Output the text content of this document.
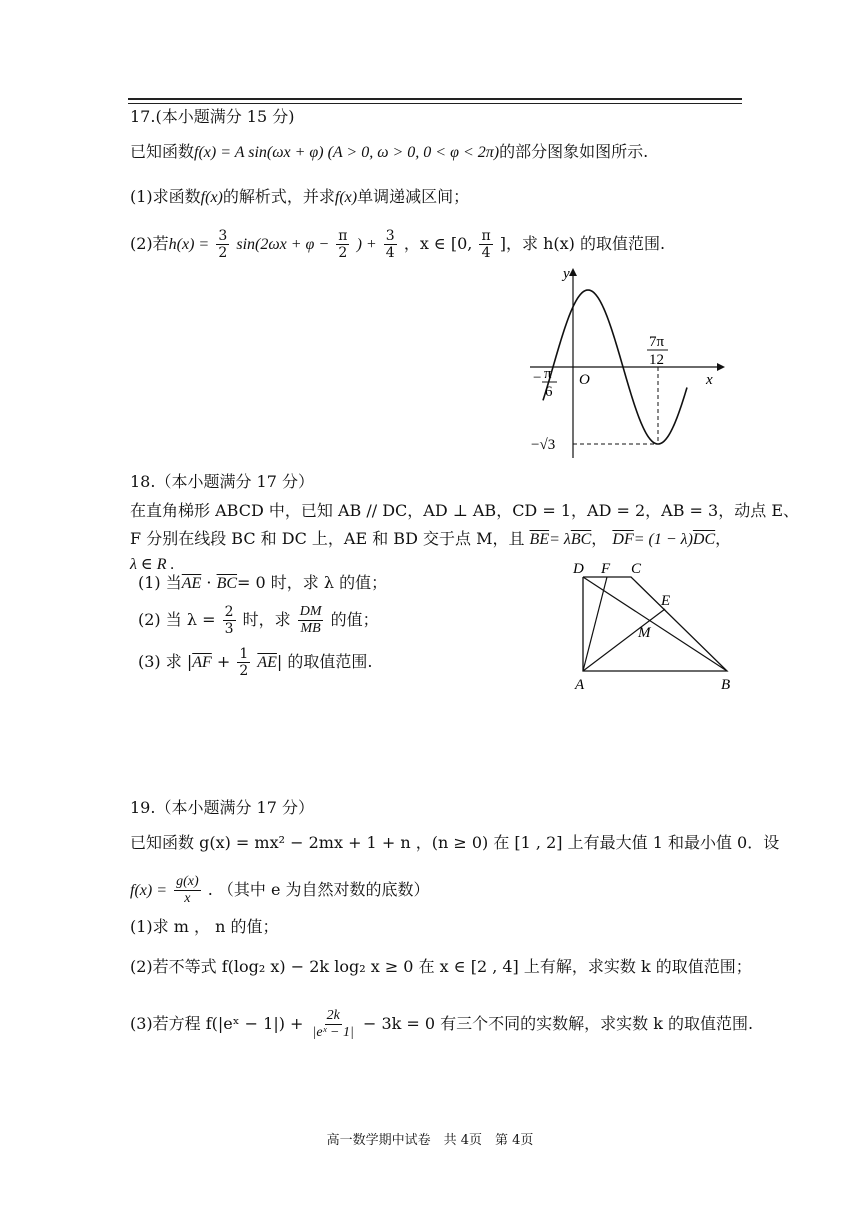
17.(本小题满分 15 分)
已知函数f(x) = A sin(ωx + φ) (A > 0, ω > 0, 0 < φ < 2π)的部分图象如图所示.
(1)求函数f(x)的解析式，并求f(x)单调递减区间；
(2)若$h(x) = \frac{3}{2} \sin(2\omega x + \varphi - \frac{\pi}{2}$ ) + $\frac{3}{4}$ ，x ∈ [0, $\frac{\pi}{4}$ ]，求 h(x) 的取值范围.
y
x
O
− π
6
7π
12
−√3
18.（本小题满分 17 分）
在直角梯形 ABCD 中，已知 AB // DC，AD ⊥ AB，CD = 1，AD = 2，AB = 3，动点 E、
F 分别在线段 BC 和 DC 上，AE 和 BD 交于点 M，且 $\overline{BE}= \lambda\overline{BC}$， $\overline{DF}= (1 - \lambda)\overline{DC}$，
λ ∈ R .
(1) 当$\overline{AE} \cdot \overline{BC}= 0$ 时，求 λ 的值；
(2) 当 $\lambda = \frac{2}{3}$ 时，求 $\frac{DM}{MB}$ 的值；
(3) 求 $|\overline{AF} + \frac{1}{2} \overline{AE}|$ 的取值范围.
D F C
E
M
A	B
19.（本小题满分 17 分）
已知函数 g(x) = mx² − 2mx + 1 + n ，(n ≥ 0) 在 [1 , 2] 上有最大值 1 和最小值 0．设
$f(x) = \frac{g(x)}{x}$ . （其中 e 为自然对数的底数）
(1)求 m ， n 的值；
(2)若不等式 f(log₂ x) − 2k log₂ x ≥ 0 在 x ∈ [2 , 4] 上有解，求实数 k 的取值范围；
(3)若方程 f(|eˣ − $1|) + \frac{2k}{\text{|eˣ − 1|}} - 3k = 0$ 有三个不同的实数解，求实数 k 的取值范围.
高一数学期中试卷　共 4页　第 4页
